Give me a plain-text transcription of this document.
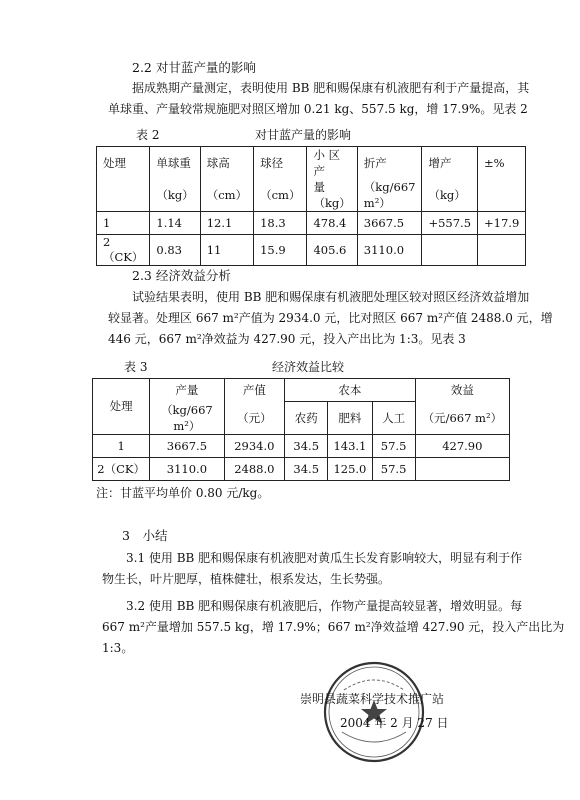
2.2 对甘蓝产量的影响
据成熟期产量测定，表明使用 BB 肥和赐保康有机液肥有利于产量提高，其
单球重、产量较常规施肥对照区增加 0.21 kg、557.5 kg，增 17.9%。见表 2
表 2	对甘蓝产量的影响
处理	单球重	球高	球径	小 区 产	折产	增产	±%
	（kg）	（cm）	（cm）	量（kg）	（kg/667 m²）	（kg）	
1	1.14	12.1	18.3	478.4	3667.5	+557.5	+17.9
2（CK）	0.83	11	15.9	405.6	3110.0		
2.3 经济效益分析
试验结果表明，使用 BB 肥和赐保康有机液肥处理区较对照区经济效益增加
较显著。处理区 667 m²产值为 2934.0 元，比对照区 667 m²产值 2488.0 元，增
446 元，667 m²净效益为 427.90 元，投入产出比为 1:3。见表 3
表 3	经济效益比较
处理	产量	产值	农本			效益
	（kg/667 m²）	（元）	农药	肥料	人工	（元/667 m²）
1	3667.5	2934.0	34.5	143.1	57.5	427.90
2（CK）	3110.0	2488.0	34.5	125.0	57.5	
注：甘蓝平均单价 0.80 元/kg。
3　小结
3.1 使用 BB 肥和赐保康有机液肥对黄瓜生长发育影响较大，明显有利于作
物生长，叶片肥厚，植株健壮，根系发达，生长势强。
3.2 使用 BB 肥和赐保康有机液肥后，作物产量提高较显著，增效明显。每
667 m²产量增加 557.5 kg，增 17.9%；667 m²净效益增 427.90 元，投入产出比为
1:3。
崇明县蔬菜科学技术推广站
2004 年 2 月 27 日
